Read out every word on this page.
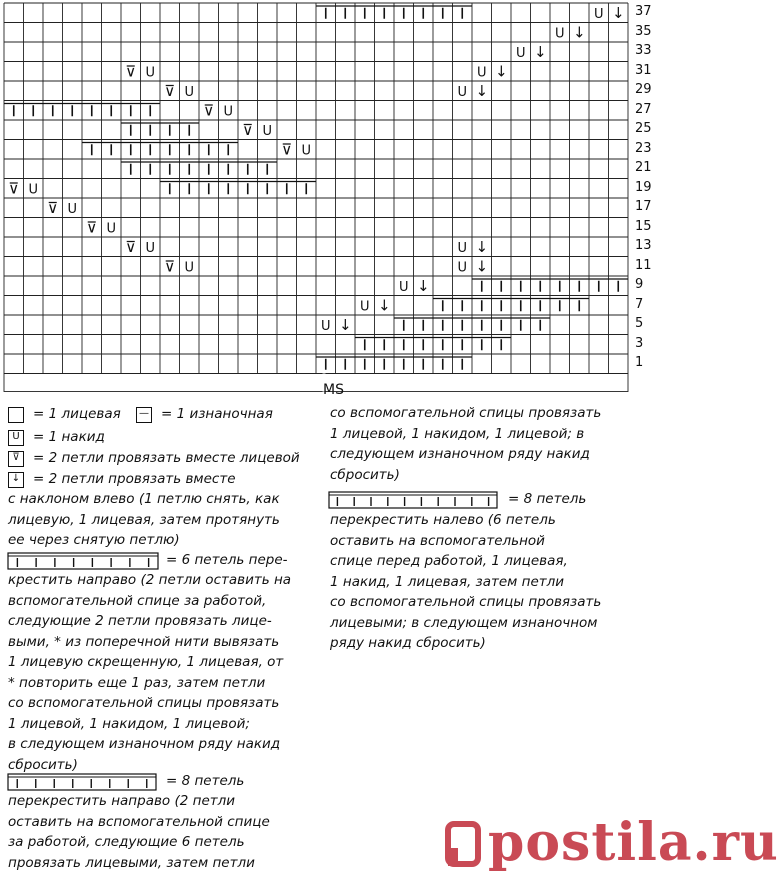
U ↓
U ↓
U ↓
U ↓
U ↓
U ↓
U ↓
U ↓
U ↓
U ↓
⊽ U
⊽ U
⊽ U
⊽ U
⊽ U
⊽ U
⊽ U
⊽ U
⊽ U
⊽ U
37
35
33
31
29
27
25
23
21
19
17
15
13
11
9
7
5
3
1
MS
= 1 лицевая	— = 1 изнаночная
U = 1 накид
⊽ = 2 петли провязать вместе лицевой
↓ = 2 петли провязать вместе
с наклоном влево (1 петлю снять, как
лицевую, 1 лицевая, затем протянуть
ее через снятую петлю)
= 6 петель пере-
крестить направо (2 петли оставить на
вспомогательной спице за работой,
следующие 2 петли провязать лице-
выми, * из поперечной нити вывязать
1 лицевую скрещенную, 1 лицевая, от
* повторить еще 1 раз, затем петли
со вспомогательной спицы провязать
1 лицевой, 1 накидом, 1 лицевой;
в следующем изнаночном ряду накид
сбросить)
= 8 петель
перекрестить направо (2 петли
оставить на вспомогательной спице
за работой, следующие 6 петель
провязать лицевыми, затем петли
со вспомогательной спицы провязать
1 лицевой, 1 накидом, 1 лицевой; в
следующем изнаночном ряду накид
сбросить)
= 8 петель
перекрестить налево (6 петель
оставить на вспомогательной
спице перед работой, 1 лицевая,
1 накид, 1 лицевая, затем петли
со вспомогательной спицы провязать
лицевыми; в следующем изнаночном
ряду накид сбросить)
postila.ru
